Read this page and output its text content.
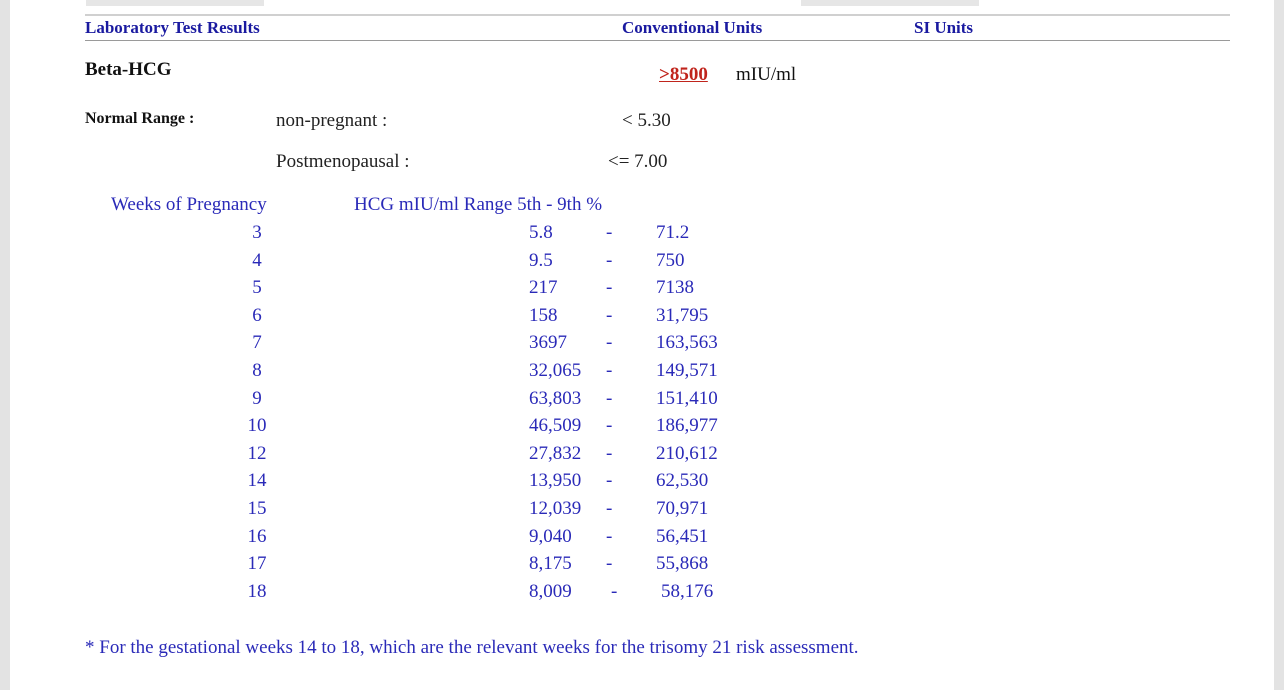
Laboratory Test Results	Conventional Units	SI Units
Beta-HCG	>8500 mIU/ml
Normal Range :	non-pregnant :	< 5.30
Postmenopausal :	<= 7.00
Weeks of Pregnancy	HCG mIU/ml Range 5th - 9th %
3	5.8	- 71.2
4	9.5	- 750
5	217	- 7138
6	158	- 31,795
7	3697 - 163,563
8	32,065 - 149,571
9	63,803 - 151,410
10	46,509 - 186,977
12	27,832 - 210,612
14	13,950 - 62,530
15	12,039 - 70,971
16	9,040 - 56,451
17	8,175 - 55,868
18	8,009 - 58,176
* For the gestational weeks 14 to 18, which are the relevant weeks for the trisomy 21 risk assessment.
